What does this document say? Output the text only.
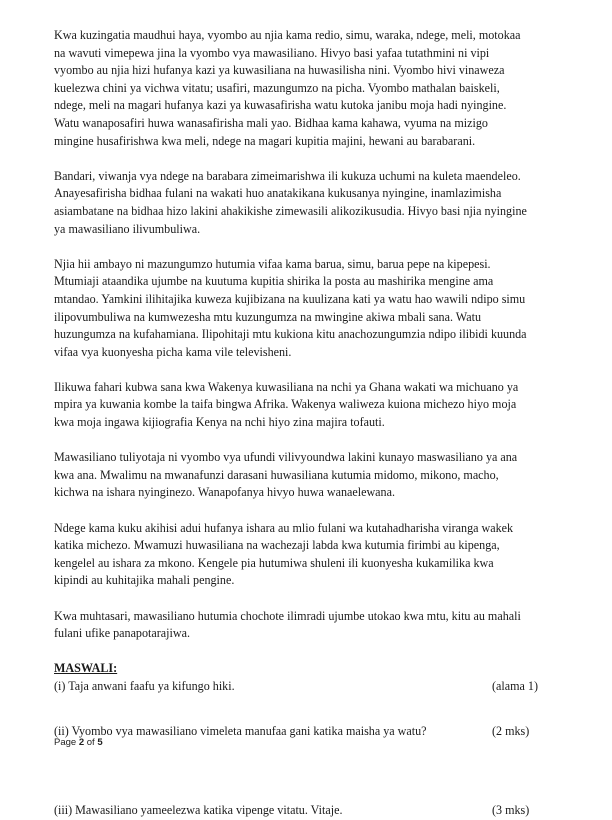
Kwa kuzingatia maudhui haya, vyombo au njia kama redio, simu, waraka, ndege, meli, motokaa
na wavuti vimepewa jina la vyombo vya mawasiliano. Hivyo basi yafaa tutathmini ni vipi
vyombo au njia hizi hufanya kazi ya kuwasiliana na huwasilisha nini. Vyombo hivi vinaweza
kuelezwa chini ya vichwa vitatu; usafiri, mazungumzo na picha. Vyombo mathalan baiskeli,
ndege, meli na magari hufanya kazi ya kuwasafirisha watu kutoka janibu moja hadi nyingine.
Watu wanaposafiri huwa wanasafirisha mali yao. Bidhaa kama kahawa, vyuma na mizigo
mingine husafirishwa kwa meli, ndege na magari kupitia majini, hewani au barabarani.

Bandari, viwanja vya ndege na barabara zimeimarishwa ili kukuza uchumi na kuleta maendeleo.
Anayesafirisha bidhaa fulani na wakati huo anatakikana kukusanya nyingine, inamlazimisha
asiambatane na bidhaa hizo lakini ahakikishe zimewasili alikozikusudia. Hivyo basi njia nyingine
ya mawasiliano ilivumbuliwa.

Njia hii ambayo ni mazungumzo hutumia vifaa kama barua, simu, barua pepe na kipepesi.
Mtumiaji ataandika ujumbe na kuutuma kupitia shirika la posta au mashirika mengine ama
mtandao. Yamkini ilihitajika kuweza kujibizana na kuulizana kati ya watu hao wawili ndipo simu
ilipovumbuliwa na kumwezesha mtu kuzungumza na mwingine akiwa mbali sana. Watu
huzungumza na kufahamiana. Ilipohitaji mtu kukiona kitu anachozungumzia ndipo ilibidi kuunda
vifaa vya kuonyesha picha kama vile televisheni.

Ilikuwa fahari kubwa sana kwa Wakenya kuwasiliana na nchi ya Ghana wakati wa michuano ya
mpira ya kuwania kombe la taifa bingwa Afrika. Wakenya waliweza kuiona michezo hiyo moja
kwa moja ingawa kijiografia Kenya na nchi hiyo zina majira tofauti.

Mawasiliano tuliyotaja ni vyombo vya ufundi vilivyoundwa lakini kunayo maswasiliano ya ana
kwa ana. Mwalimu na mwanafunzi darasani huwasiliana kutumia midomo, mikono, macho,
kichwa na ishara nyinginezo. Wanapofanya hivyo huwa wanaelewana.

Ndege kama kuku akihisi adui hufanya ishara au mlio fulani wa kutahadharisha viranga wakek
katika michezo. Mwamuzi huwasiliana na wachezaji labda kwa kutumia firimbi au kipenga,
kengelel au ishara za mkono. Kengele pia hutumiwa shuleni ili kuonyesha kukamilika kwa
kipindi au kuhitajika mahali pengine.

Kwa muhtasari, mawasiliano hutumia chochote ilimradi ujumbe utokao kwa mtu, kitu au mahali
fulani ufike panapotarajiwa.

MASWALI:
(i) Taja anwani faafu ya kifungo hiki.	(alama 1)
(ii) Vyombo vya mawasiliano vimeleta manufaa gani katika maisha ya watu?	(2 mks)
(iii) Mawasiliano yameelezwa katika vipenge vitatu. Vitaje.	(3 mks)
Page 2 of 5
